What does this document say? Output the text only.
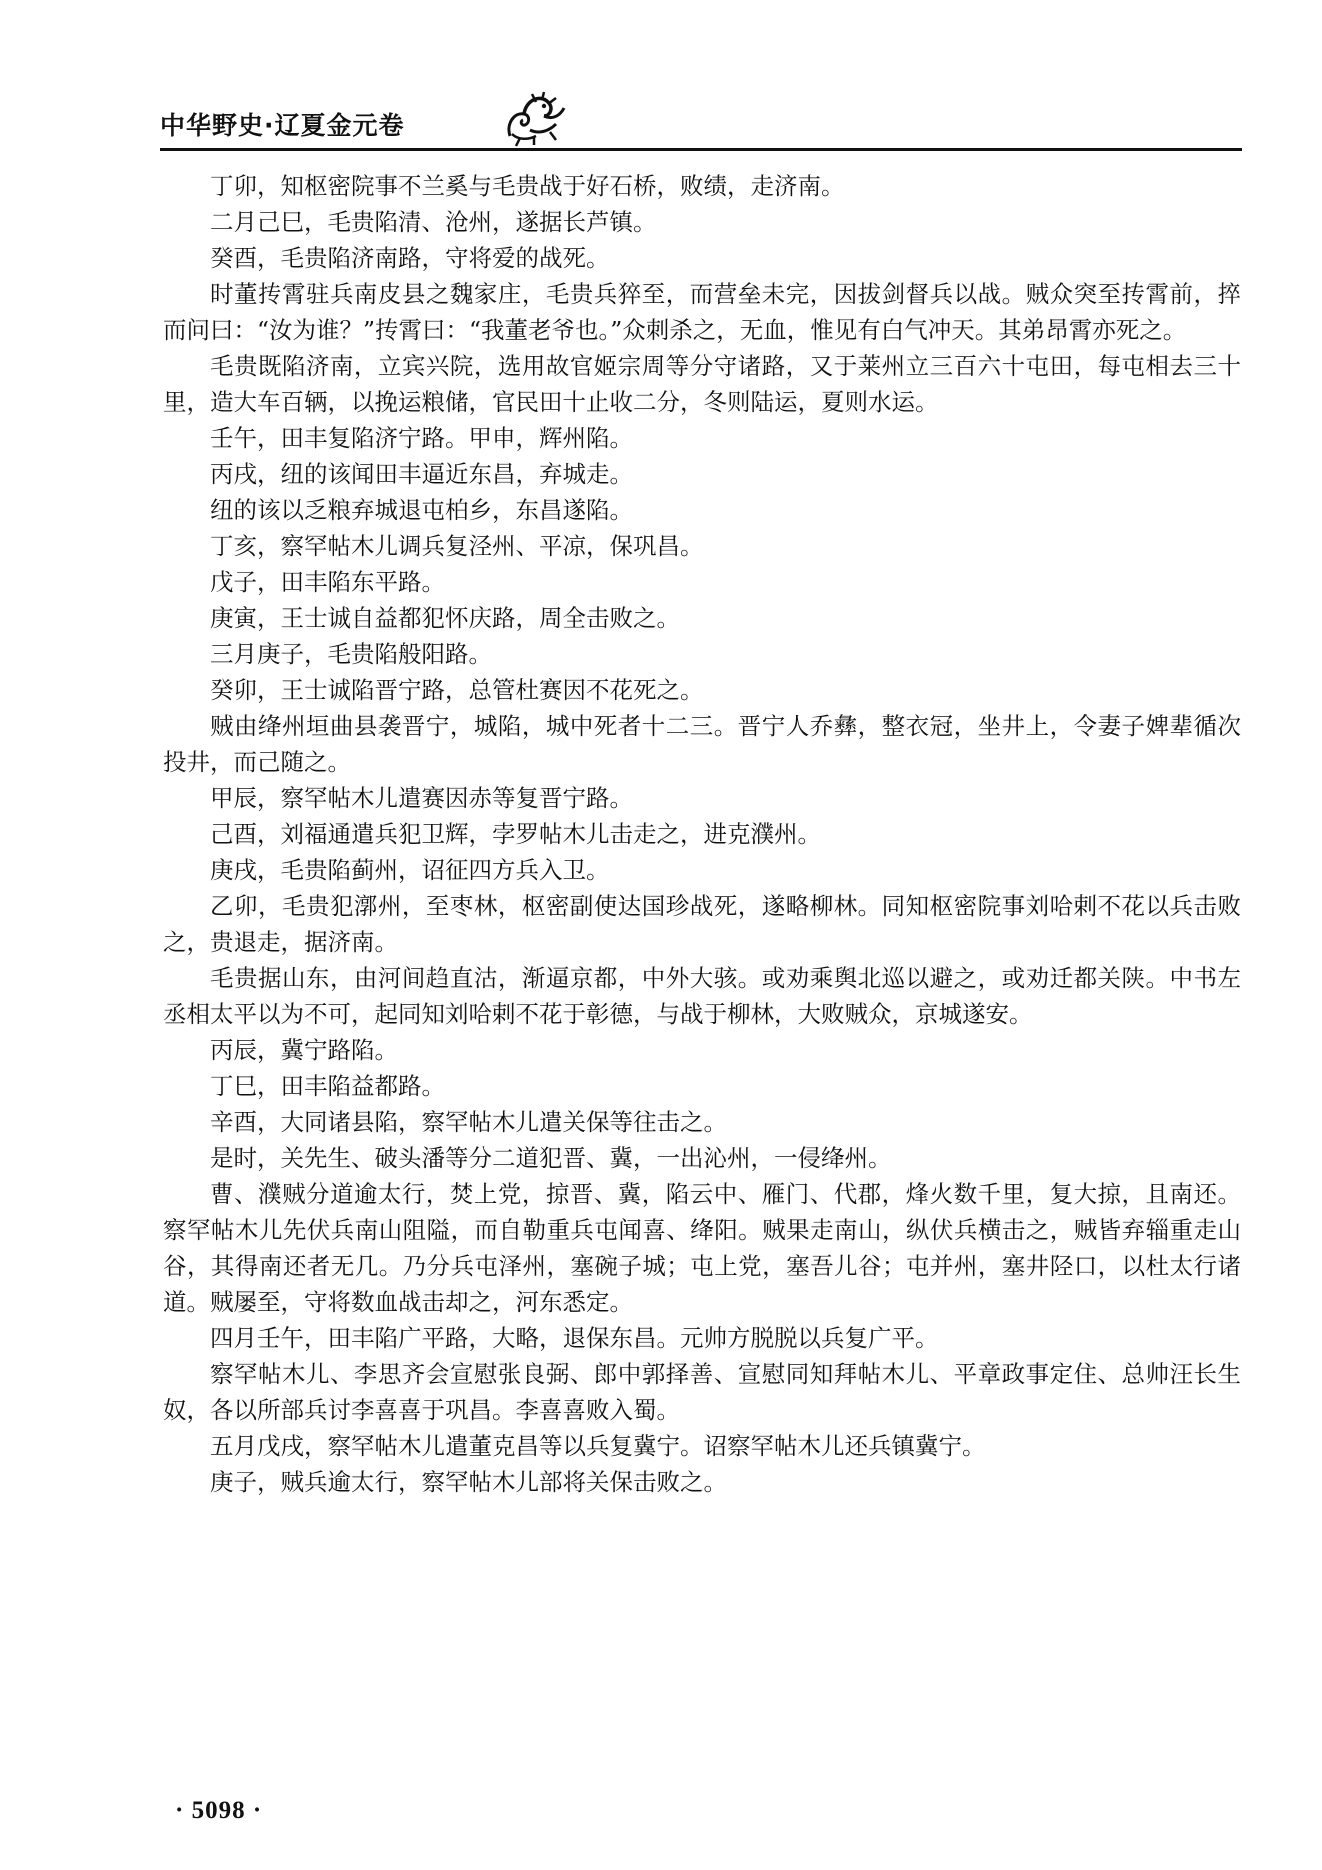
中华野史·辽夏金元卷

丁卯，知枢密院事不兰奚与毛贵战于好石桥，败绩，走济南。

二月己巳，毛贵陷清、沧州，遂据长芦镇。

癸酉，毛贵陷济南路，守将爱的战死。

时董抟霄驻兵南皮县之魏家庄，毛贵兵猝至，而营垒未完，因拔剑督兵以战。贼众突至抟霄前，捽而问曰：“汝为谁？”抟霄曰：“我董老爷也。”众刺杀之，无血，惟见有白气冲天。其弟昂霄亦死之。

毛贵既陷济南，立宾兴院，选用故官姬宗周等分守诸路，又于莱州立三百六十屯田，每屯相去三十里，造大车百辆，以挽运粮储，官民田十止收二分，冬则陆运，夏则水运。

壬午，田丰复陷济宁路。甲申，辉州陷。

丙戌，纽的该闻田丰逼近东昌，弃城走。

纽的该以乏粮弃城退屯柏乡，东昌遂陷。

丁亥，察罕帖木儿调兵复泾州、平凉，保巩昌。

戊子，田丰陷东平路。

庚寅，王士诚自益都犯怀庆路，周全击败之。

三月庚子，毛贵陷般阳路。

癸卯，王士诚陷晋宁路，总管杜赛因不花死之。

贼由绛州垣曲县袭晋宁，城陷，城中死者十二三。晋宁人乔彝，整衣冠，坐井上，令妻子婢辈循次投井，而己随之。

甲辰，察罕帖木儿遣赛因赤等复晋宁路。

己酉，刘福通遣兵犯卫辉，孛罗帖木儿击走之，进克濮州。

庚戌，毛贵陷蓟州，诏征四方兵入卫。

乙卯，毛贵犯漷州，至枣林，枢密副使达国珍战死，遂略柳林。同知枢密院事刘哈剌不花以兵击败之，贵退走，据济南。

毛贵据山东，由河间趋直沽，渐逼京都，中外大骇。或劝乘舆北巡以避之，或劝迁都关陕。中书左丞相太平以为不可，起同知刘哈剌不花于彰德，与战于柳林，大败贼众，京城遂安。

丙辰，冀宁路陷。

丁巳，田丰陷益都路。

辛酉，大同诸县陷，察罕帖木儿遣关保等往击之。

是时，关先生、破头潘等分二道犯晋、冀，一出沁州，一侵绛州。

曹、濮贼分道逾太行，焚上党，掠晋、冀，陷云中、雁门、代郡，烽火数千里，复大掠，且南还。察罕帖木儿先伏兵南山阻隘，而自勒重兵屯闻喜、绛阳。贼果走南山，纵伏兵横击之，贼皆弃辎重走山谷，其得南还者无几。乃分兵屯泽州，塞碗子城；屯上党，塞吾儿谷；屯并州，塞井陉口，以杜太行诸道。贼屡至，守将数血战击却之，河东悉定。

四月壬午，田丰陷广平路，大略，退保东昌。元帅方脱脱以兵复广平。

察罕帖木儿、李思齐会宣慰张良弼、郎中郭择善、宣慰同知拜帖木儿、平章政事定住、总帅汪长生奴，各以所部兵讨李喜喜于巩昌。李喜喜败入蜀。

五月戊戌，察罕帖木儿遣董克昌等以兵复冀宁。诏察罕帖木儿还兵镇冀宁。

庚子，贼兵逾太行，察罕帖木儿部将关保击败之。

· 5098 ·
